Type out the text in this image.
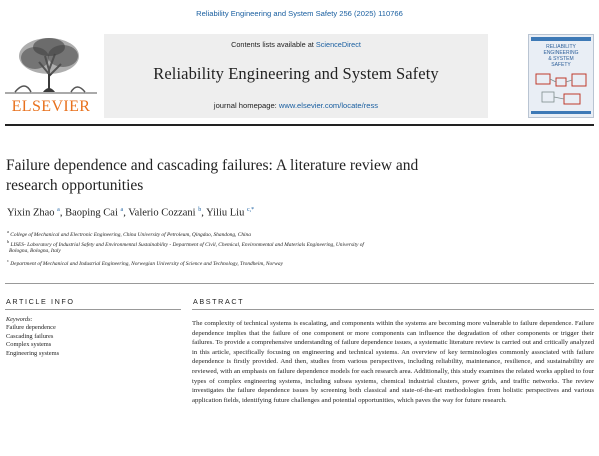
Reliability Engineering and System Safety 256 (2025) 110766
ELSEVIER
Contents lists available at ScienceDirect
Reliability Engineering and System Safety
journal homepage: www.elsevier.com/locate/ress
RELIABILITY
ENGINEERING
& SYSTEM
SAFETY
Failure dependence and cascading failures: A literature review and
research opportunities
Yixin Zhao $^a$, Baoping Cai $^a$, Valerio Cozzani $^b$, Yiliu Liu $^{c,*}$
$^a$ College of Mechanical and Electronic Engineering, China University of Petroleum, Qingdao, Shandong, China
$^b$ LISES- Laboratory of Industrial Safety and Environmental Sustainability - Department of Civil, Chemical, Environmental and Materials Engineering, University of
Bologna, Bologna, Italy
$^c$ Department of Mechanical and Industrial Engineering, Norwegian University of Science and Technology, Trondheim, Norway
ARTICLE INFO	ABSTRACT
Keywords:
Failure dependence
Cascading failures
Complex systems
Engineering systems
The complexity of technical systems is escalating, and components within the systems are becoming more vulnerable to failure dependence. Failure dependence implies that the failure of one component or more components can influence the degradation of other components or trigger their failures. To provide a comprehensive understanding of failure dependence issues, a systematic literature review is carried out and critically analyzed in this article, specifically focusing on engineering and technical systems. An overview of key terminologies commonly associated with failure dependence is firstly provided. And then, studies from various perspectives, including reliability, maintenance, resilience, and sustainability are reviewed, with an emphasis on failure dependence models for each research area. Additionally, this study examines the related works applied to four types of complex engineering systems, including subsea systems, chemical industrial clusters, power grids, and traffic networks. The review investigates the failure dependence issues by screening both classical and state-of-the-art methodologies from holistic perspectives and various application fields, identifying future challenges and potential opportunities, which paves the way for future research.
